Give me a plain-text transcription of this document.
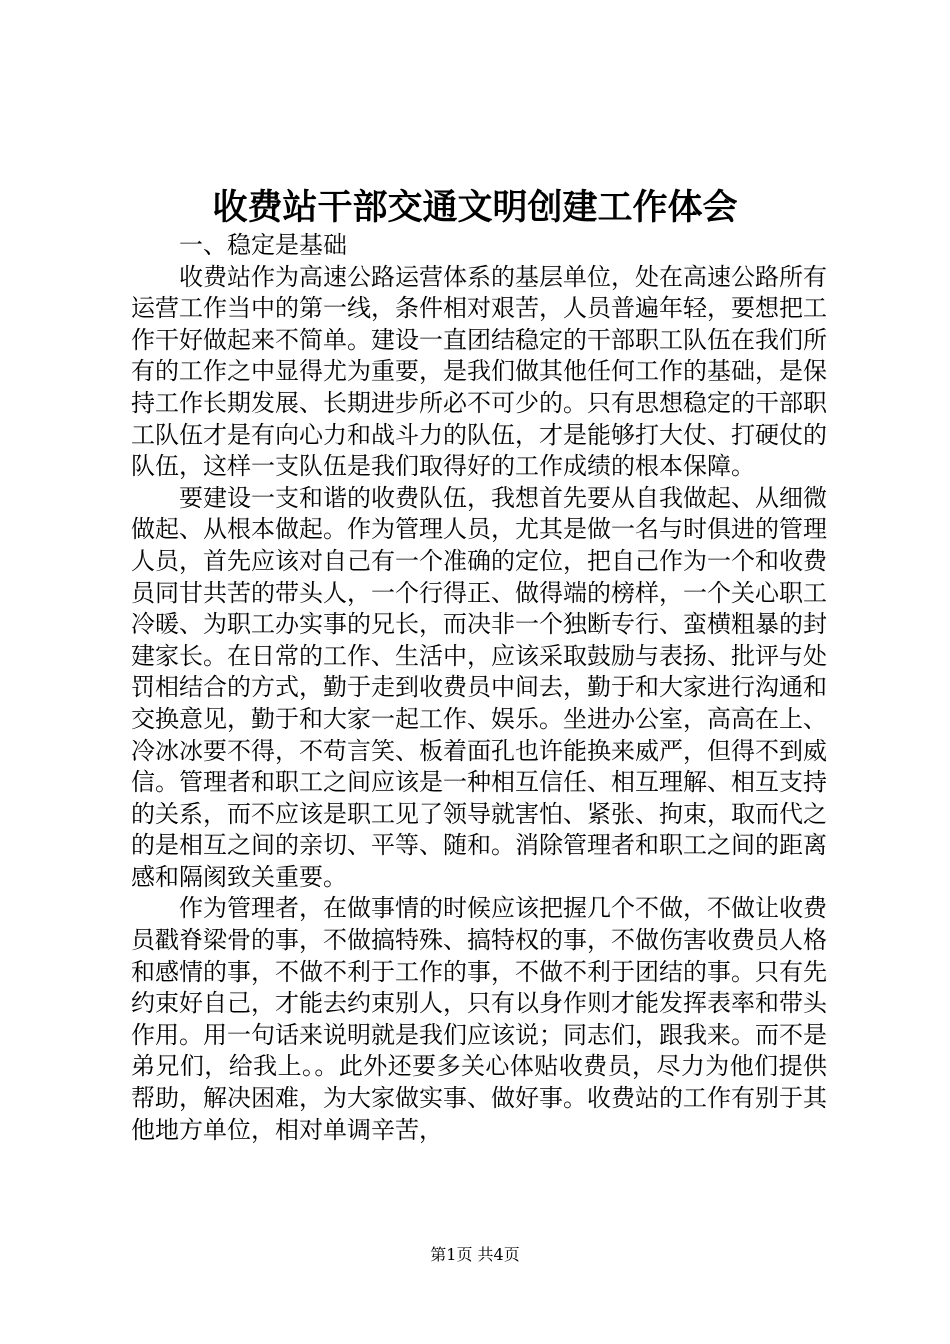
收费站干部交通文明创建工作体会

一、稳定是基础

收费站作为高速公路运营体系的基层单位，处在高速公路所有运营工作当中的第一线，条件相对艰苦，人员普遍年轻，要想把工作干好做起来不简单。建设一直团结稳定的干部职工队伍在我们所有的工作之中显得尤为重要，是我们做其他任何工作的基础，是保持工作长期发展、长期进步所必不可少的。只有思想稳定的干部职工队伍才是有向心力和战斗力的队伍，才是能够打大仗、打硬仗的队伍，这样一支队伍是我们取得好的工作成绩的根本保障。

要建设一支和谐的收费队伍，我想首先要从自我做起、从细微做起、从根本做起。作为管理人员，尤其是做一名与时俱进的管理人员，首先应该对自己有一个准确的定位，把自己作为一个和收费员同甘共苦的带头人，一个行得正、做得端的榜样，一个关心职工冷暖、为职工办实事的兄长，而决非一个独断专行、蛮横粗暴的封建家长。在日常的工作、生活中，应该采取鼓励与表扬、批评与处罚相结合的方式，勤于走到收费员中间去，勤于和大家进行沟通和交换意见，勤于和大家一起工作、娱乐。坐进办公室，高高在上、冷冰冰要不得，不苟言笑、板着面孔也许能换来威严，但得不到威信。管理者和职工之间应该是一种相互信任、相互理解、相互支持的关系，而不应该是职工见了领导就害怕、紧张、拘束，取而代之的是相互之间的亲切、平等、随和。消除管理者和职工之间的距离感和隔阂致关重要。

作为管理者，在做事情的时候应该把握几个不做，不做让收费员戳脊梁骨的事，不做搞特殊、搞特权的事，不做伤害收费员人格和感情的事，不做不利于工作的事，不做不利于团结的事。只有先约束好自己，才能去约束别人，只有以身作则才能发挥表率和带头作用。用一句话来说明就是我们应该说；同志们，跟我来。而不是弟兄们，给我上。。此外还要多关心体贴收费员，尽力为他们提供帮助，解决困难，为大家做实事、做好事。收费站的工作有别于其他地方单位，相对单调辛苦，

第1页 共4页
